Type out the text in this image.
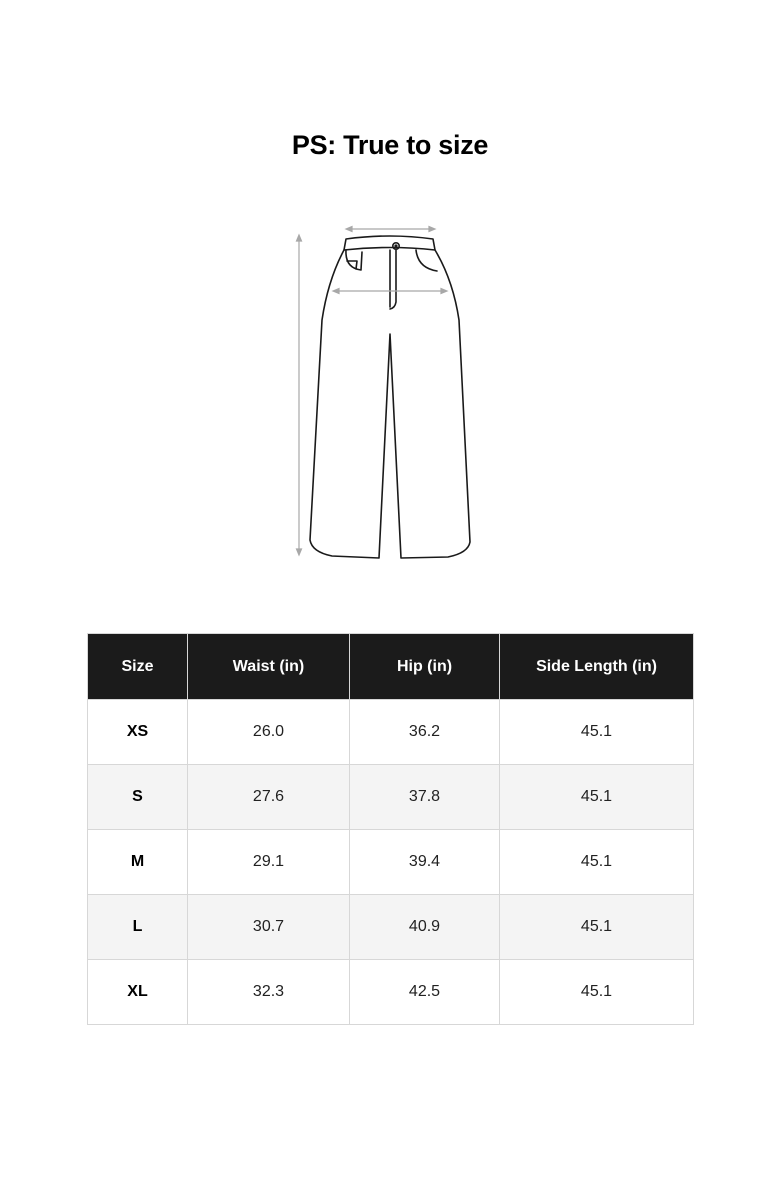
PS: True to size
Size	Waist (in)	Hip (in)	Side Length (in)
XS	26.0	36.2	45.1
S	27.6	37.8	45.1
M	29.1	39.4	45.1
L	30.7	40.9	45.1
XL	32.3	42.5	45.1
